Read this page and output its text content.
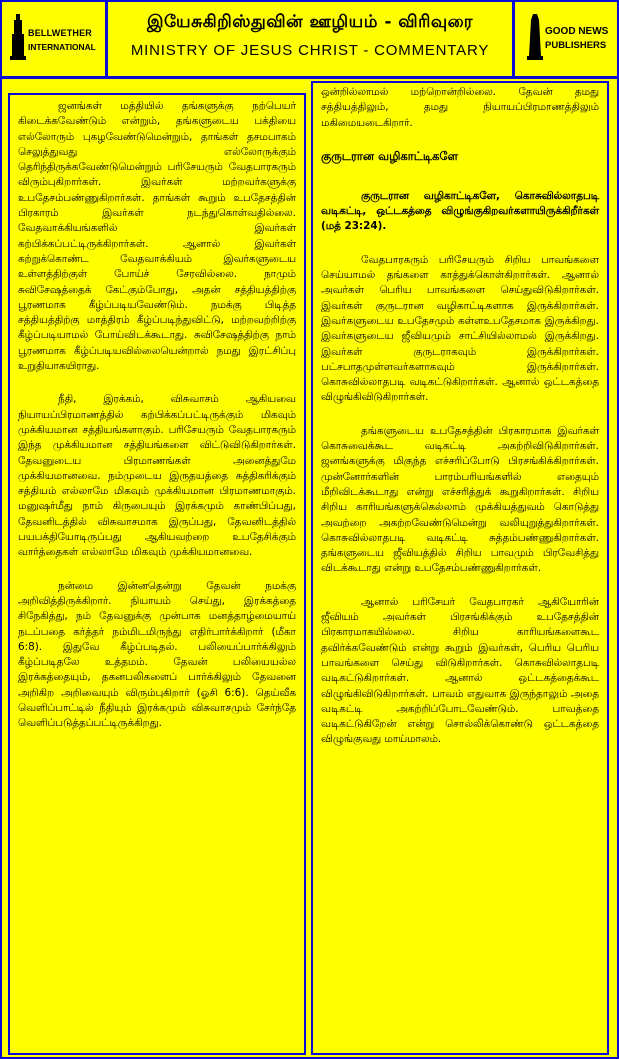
BELLWETHER
INTERNATIONAL
இயேசுகிறிஸ்துவின் ஊழியம் - விரிவுரை
MINISTRY OF JESUS CHRIST - COMMENTARY
GOOD NEWS
PUBLISHERS

ஜனங்கள் மத்தியில் தங்களுக்கு நற்பெயர் கிடைக்கவேண்டும் என்றும், தங்களுடைய பக்தியை எல்லோரும் புகழவேண்டுமென்றும், தாங்கள் தசமபாகம் செலுத்துவது எல்லோருக்கும் தெரிந்திருக்கவேண்டுமென்றும் பரிசேயரும் வேதபாரகரும் விரும்புகிறார்கள். இவர்கள் மற்றவர்களுக்கு உபதேசம்பண்ணுகிறார்கள். தாங்கள் கூறும் உபதேசத்தின் பிரகாரம் இவர்கள் நடந்துகொள்வதில்லை. வேதவாக்கியங்களில் இவர்கள் கற்பிக்கப்பட்டிருக்கிறார்கள். ஆனால் இவர்கள் கற்றுக்கொண்ட வேதவாக்கியம் இவர்களுடைய உள்ளத்திற்குள் போய்ச் சேரவில்லை. நாமும் சுவிசேஷத்தைக் கேட்கும்போது, அதன் சத்தியத்திற்கு பூரணமாக கீழ்ப்படியவேண்டும். நமக்கு பிடித்த சத்தியத்திற்கு மாத்திரம் கீழ்ப்படிந்துவிட்டு, மற்றவற்றிற்கு கீழ்ப்படியாமல் போய்விடக்கூடாது. சுவிசேஷத்திற்கு நாம் பூரணமாக கீழ்ப்படியவில்லையென்றால் நமது இரட்சிப்பு உறுதியாகயிராது.

நீதி, இரக்கம், விசுவாசம் ஆகியவை நியாயப்பிரமாணத்தில் கற்பிக்கப்பட்டிருக்கும் மிகவும் முக்கியமான சத்தியங்களாகும். பரிசேயரும் வேதபாரகரும் இந்த முக்கியமான சத்தியங்களை விட்டுவிடுகிறார்கள். தேவனுடைய பிரமாணங்கள் அனைத்துமே முக்கியமானவை. நம்முடைய இருதயத்தை சுத்திகரிக்கும் சத்தியம் எல்லாமே மிகவும் முக்கியமான பிரமாணமாகும். மனுஷர்மீது நாம் கிருபையும் இரக்கமும் காண்பிப்பது, தேவனிடத்தில் விசுவாசமாக இருப்பது, தேவனிடத்தில் பயபக்தியோடிருப்பது ஆகியவற்றை உபதேசிக்கும் வார்த்தைகள் எல்லாமே மிகவும் முக்கியமானவை.

நன்மை இன்னதென்று தேவன் நமக்கு அறிவித்திருக்கிறார். நியாயம் செய்து, இரக்கத்தை சிநேகித்து, நம் தேவனுக்கு முன்பாக மனத்தாழ்மையாய் நடப்பதை கர்த்தர் நம்மிடமிருந்து எதிர்பார்க்கிறார் (மீகா 6:8). இதுவே கீழ்ப்படிதல். பலியைப்பார்க்கிலும் கீழ்ப்படிதலே உத்தமம். தேவன் பலியையல்ல இரக்கத்தையும், தகனபலிகளைப் பார்க்கிலும் தேவனை அறிகிற அறிவையும் விரும்புகிறார் (ஓசி 6:6). தெய்வீக வெளிப்பாட்டில் நீதியும் இரக்கமும் விசுவாசமும் சேர்ந்தே வெளிப்படுத்தப்பட்டிருக்கிறது.

ஒன்றில்லாமல் மற்றொன்றில்லை. தேவன் தமது சத்தியத்திலும், தமது நியாயப்பிரமாணத்திலும் மகிமையடைகிறார்.

குருடரான வழிகாட்டிகளே

குருடரான வழிகாட்டிகளே, கொசுவில்லாதபடி வடிகட்டி, ஒட்டகத்தை விழுங்குகிறவர்களாயிருக்கிறீர்கள் (மத் 23:24).

வேதபாரகரும் பரிசேயரும் சிறிய பாவங்களை செய்யாமல் தங்களை காத்துக்கொள்கிறார்கள். ஆனால் அவர்கள் பெரிய பாவங்களை செய்துவிடுகிறார்கள். இவர்கள் குருடரான வழிகாட்டிகளாக இருக்கிறார்கள். இவர்களுடைய உபதேசமும் கள்ளஉபதேசமாக இருக்கிறது. இவர்களுடைய ஜீவியமும் சாட்சியில்லாமல் இருக்கிறது. இவர்கள் குருடராகவும் இருக்கிறார்கள். பட்சபாதமுள்ளவர்களாகவும் இருக்கிறார்கள். கொசுவில்லாதபடி வடிகட்டுகிறார்கள். ஆனால் ஒட்டகத்தை விழுங்கிவிடுகிறார்கள்.

தங்களுடைய உபதேசத்தின் பிரகாரமாக இவர்கள் கொசுவைக்கூட வடிகட்டி அகற்றிவிடுகிறார்கள். ஜனங்களுக்கு மிகுந்த எச்சரிப்போடு பிரசங்கிக்கிறார்கள். முன்னோர்களின் பாரம்பரியங்களில் எதையும் மீறிவிடக்கூடாது என்று எச்சரித்துக் கூறுகிறார்கள். சிறிய சிறிய காரியங்களுக்கெல்லாம் முக்கியத்துவம் கொடுத்து அவற்றை அகற்றவேண்டுமென்று வலியுறுத்துகிறார்கள். கொசுவில்லாதபடி வடிகட்டி சுத்தம்பண்ணுகிறார்கள். தங்களுடைய ஜீவியத்தில் சிறிய பாவமும் பிரவேசித்து விடக்கூடாது என்று உபதேசம்பண்ணுகிறார்கள்.

ஆனால் பரிசேயர் வேதபாரகர் ஆகியோரின் ஜீவியம் அவர்கள் பிரசங்கிக்கும் உபதேசத்தின் பிரகாரமாகயில்லை. சிறிய காரியங்களைகூட தவிர்க்கவேண்டும் என்று கூறும் இவர்கள், பெரிய பெரிய பாவங்களை செய்து விடுகிறார்கள். கொசுவில்லாதபடி வடிகட்டுகிறார்கள். ஆனால் ஒட்டகத்தைக்கூட விழுங்கிவிடுகிறார்கள். பாவம் எதுவாக இருந்தாலும் அதை வடிகட்டி அகற்றிப்போடவேண்டும். பாவத்தை வடிகட்டுகிறேன் என்று சொல்லிக்கொண்டு ஒட்டகத்தை விழுங்குவது மாய்மாலம்.
